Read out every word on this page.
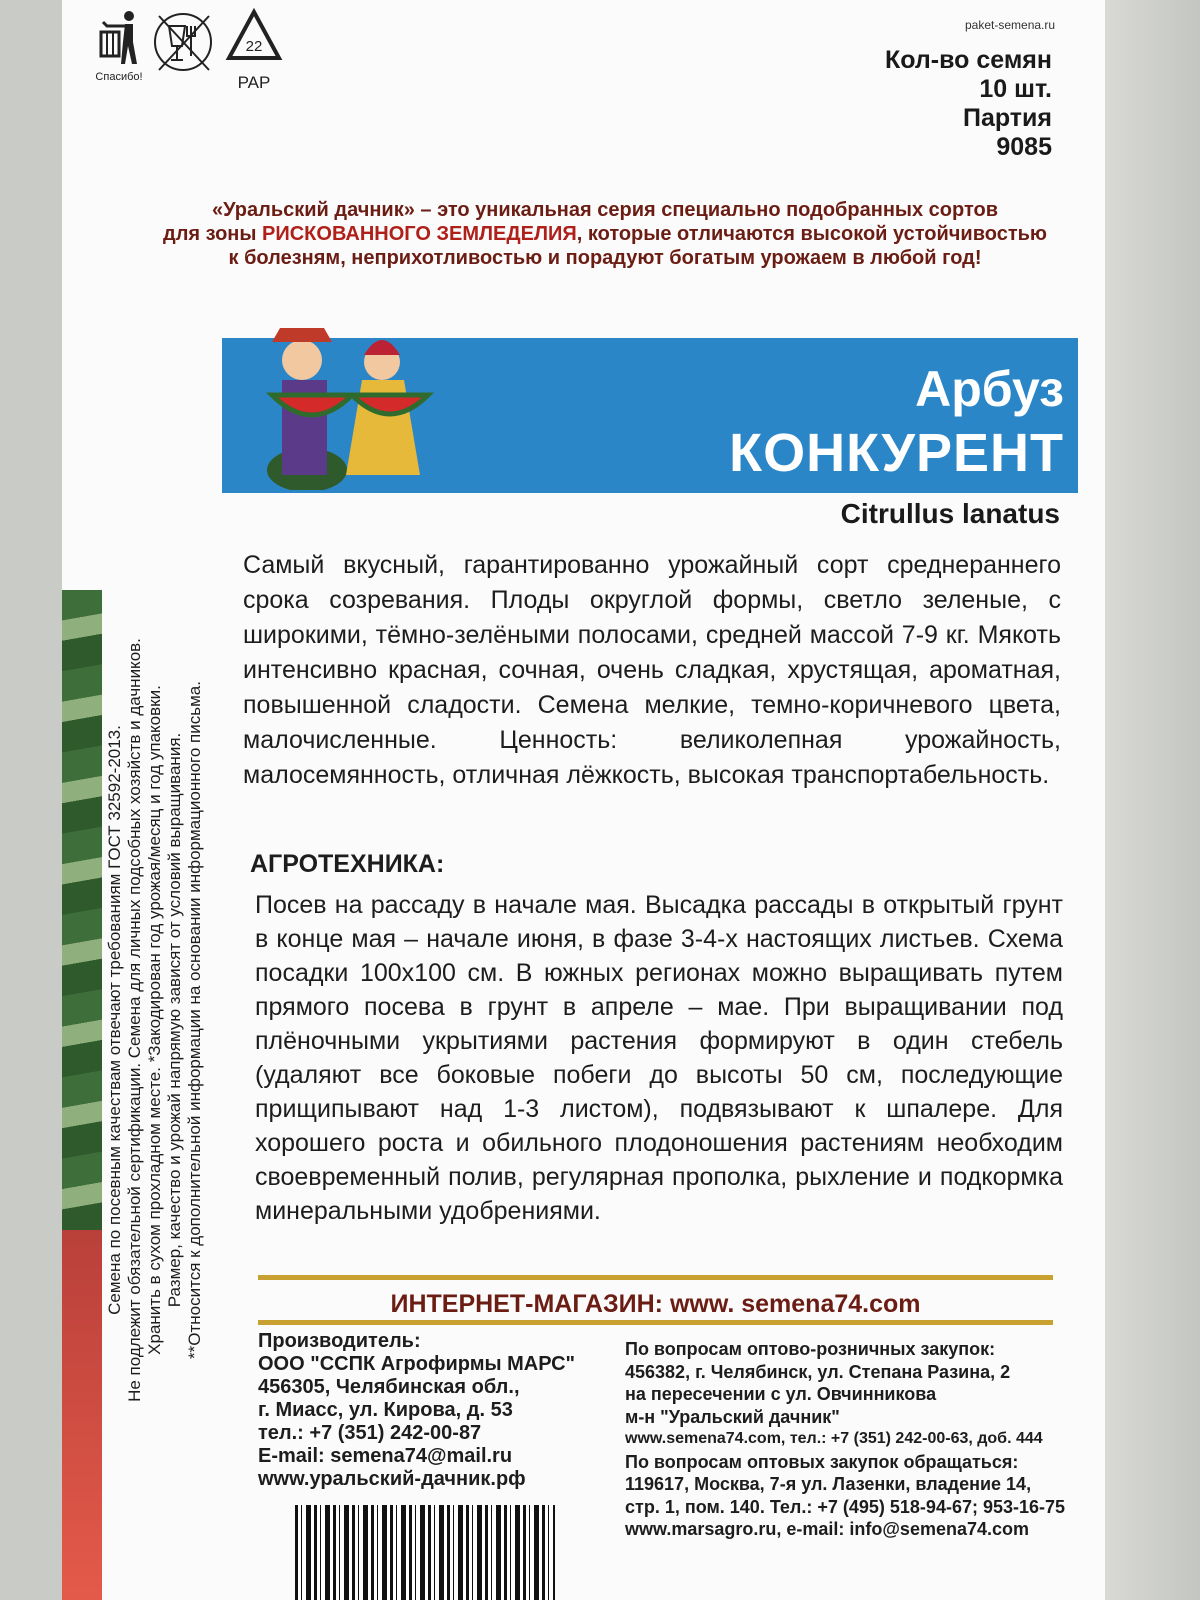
Спасибо!
22
PAP
paket-semena.ru
Кол-во семян
10 шт.
Партия
9085
«Уральский дачник» – это уникальная серия специально подобранных сортов
для зоны РИСКОВАННОГО ЗЕМЛЕДЕЛИЯ, которые отличаются высокой устойчивостью
к болезням, неприхотливостью и порадуют богатым урожаем в любой год!
Арбуз
КОНКУРЕНТ
Citrullus lanatus
Самый вкусный, гарантированно урожайный сорт среднераннего срока созревания. Плоды округлой формы, светло зеленые, с широкими, тёмно-зелёными полосами, средней массой 7-9 кг. Мякоть интенсивно красная, сочная, очень сладкая, хрустящая, ароматная, повышенной сладости. Семена мелкие, темно-коричневого цвета, малочисленные. Ценность: великолепная урожайность, малосемянность, отличная лёжкость, высокая транспортабельность.
АГРОТЕХНИКА:
Посев на рассаду в начале мая. Высадка рассады в открытый грунт в конце мая – начале июня, в фазе 3-4-х настоящих листьев. Схема посадки 100х100 см. В южных регионах можно выращивать путем прямого посева в грунт в апреле – мае. При выращивании под плёночными укрытиями растения формируют в один стебель (удаляют все боковые побеги до высоты 50 см, последующие прищипывают над 1-3 листом), подвязывают к шпалере. Для хорошего роста и обильного плодоношения растениям необходим своевременный полив, регулярная прополка, рыхление и подкормка минеральными удобрениями.
ИНТЕРНЕТ-МАГАЗИН: www. semena74.com
Производитель:
ООО "ССПК Агрофирмы МАРС"
456305, Челябинская обл.,
г. Миасс, ул. Кирова, д. 53
тел.: +7 (351) 242-00-87
E-mail: semena74@mail.ru
www.уральский-дачник.рф
По вопросам оптово-розничных закупок:
456382, г. Челябинск, ул. Степана Разина, 2
на пересечении с ул. Овчинникова
м-н "Уральский дачник"
www.semena74.com, тел.: +7 (351) 242-00-63, доб. 444
По вопросам оптовых закупок обращаться:
119617, Москва, 7-я ул. Лазенки, владение 14,
стр. 1, пом. 140. Тел.: +7 (495) 518-94-67; 953-16-75
www.marsagro.ru, e-mail: info@semena74.com
Семена по посевным качествам отвечают требованиям ГОСТ 32592-2013. Не подлежит обязательной сертификации. Семена для личных подсобных хозяйств и дачников. Хранить в сухом прохладном месте. *Закодирован год урожая/месяц и год упаковки. Размер, качество и урожай напрямую зависят от условий выращивания. **Относится к дополнительной информации на основании информационного письма.
